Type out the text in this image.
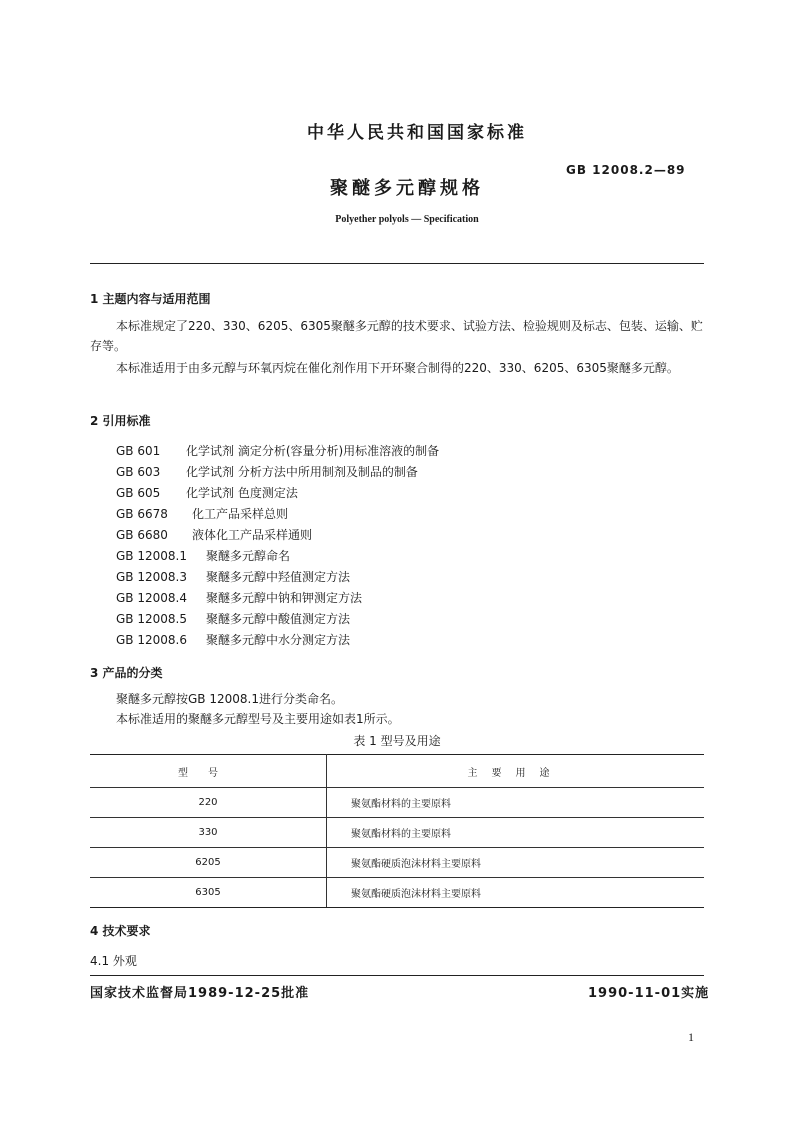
中华人民共和国国家标准
GB 12008.2—89
聚醚多元醇规格
Polyether polyols — Specification
1 主题内容与适用范围
本标准规定了220、330、6205、6305聚醚多元醇的技术要求、试验方法、检验规则及标志、包装、运输、贮存等。
本标准适用于由多元醇与环氧丙烷在催化剂作用下开环聚合制得的220、330、6205、6305聚醚多元醇。
2 引用标准
GB 601 化学试剂 滴定分析(容量分析)用标准溶液的制备
GB 603 化学试剂 分析方法中所用制剂及制品的制备
GB 605 化学试剂 色度测定法
GB 6678 化工产品采样总则
GB 6680 液体化工产品采样通则
GB 12008.1 聚醚多元醇命名
GB 12008.3 聚醚多元醇中羟值测定方法
GB 12008.4 聚醚多元醇中钠和钾测定方法
GB 12008.5 聚醚多元醇中酸值测定方法
GB 12008.6 聚醚多元醇中水分测定方法
3 产品的分类
聚醚多元醇按GB 12008.1进行分类命名。
本标准适用的聚醚多元醇型号及主要用途如表1所示。
表 1 型号及用途
型号	主要用途
220	聚氨酯材料的主要原料
330	聚氨酯材料的主要原料
6205	聚氨酯硬质泡沫材料主要原料
6305	聚氨酯硬质泡沫材料主要原料
4 技术要求
4.1 外观
国家技术监督局1989-12-25批准	1990-11-01实施
1
